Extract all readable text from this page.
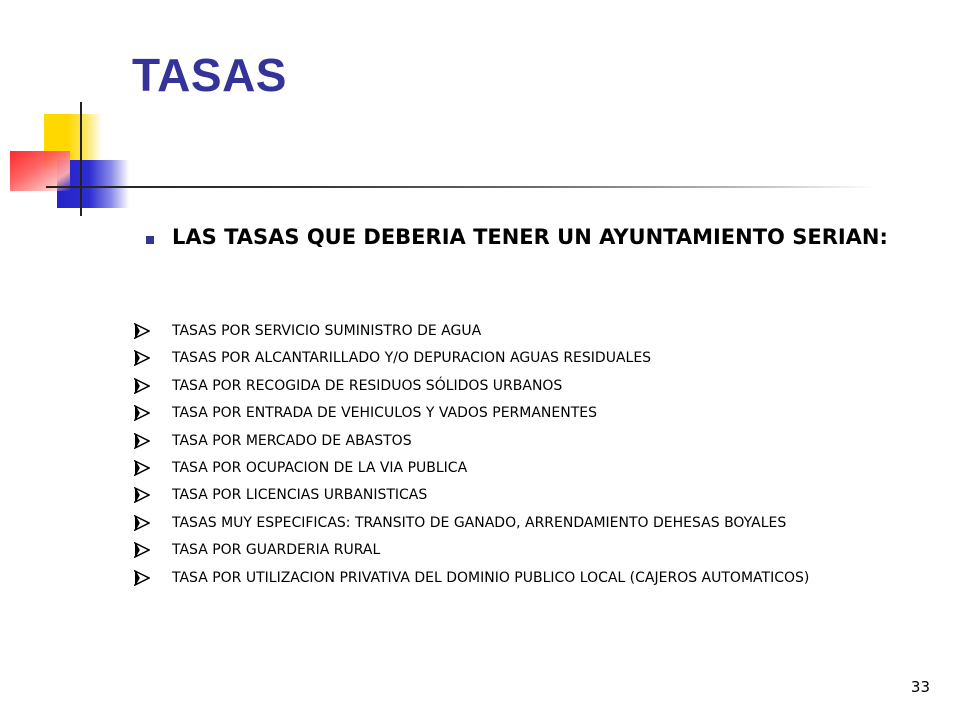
TASAS
LAS TASAS QUE DEBERIA TENER UN AYUNTAMIENTO SERIAN:
TASAS POR SERVICIO SUMINISTRO DE AGUA
TASAS POR ALCANTARILLADO Y/O DEPURACION AGUAS RESIDUALES
TASA POR RECOGIDA DE RESIDUOS SÓLIDOS URBANOS
TASA POR ENTRADA DE VEHICULOS Y VADOS PERMANENTES
TASA POR MERCADO DE ABASTOS
TASA POR OCUPACION DE LA VIA PUBLICA
TASA POR LICENCIAS URBANISTICAS
TASAS MUY ESPECIFICAS: TRANSITO DE GANADO, ARRENDAMIENTO DEHESAS BOYALES
TASA POR GUARDERIA RURAL
TASA POR UTILIZACION PRIVATIVA DEL DOMINIO PUBLICO LOCAL (CAJEROS AUTOMATICOS)
33
